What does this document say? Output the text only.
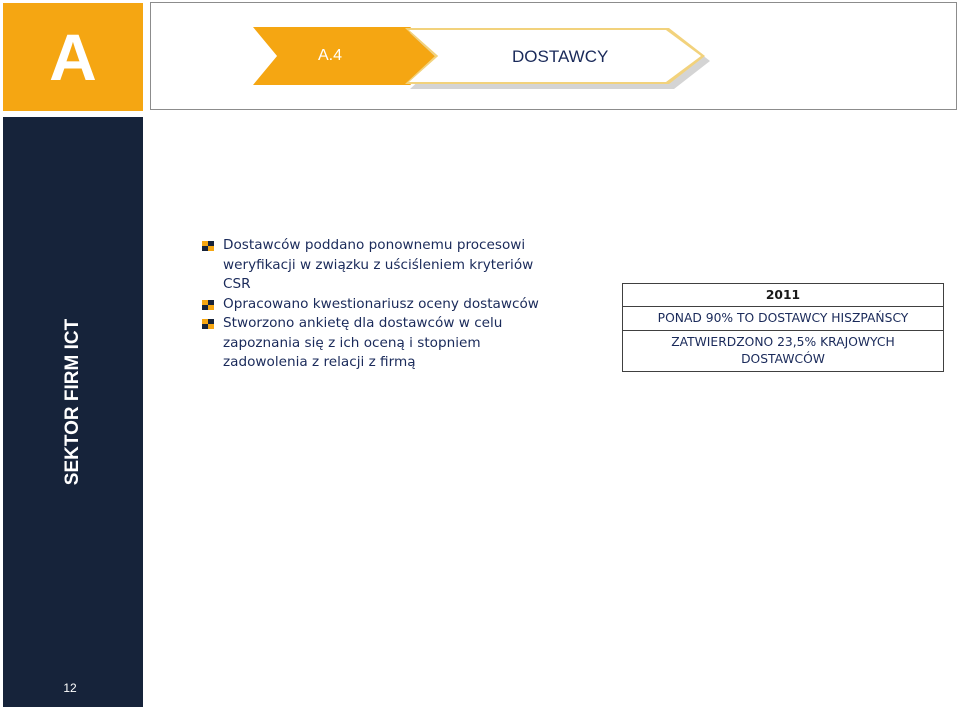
A	A.4	DOSTAWCY
SEKTOR FIRM ICT
12
Dostawców poddano ponownemu procesowi weryfikacji w związku z uściśleniem kryteriów CSR
Opracowano kwestionariusz oceny dostawców
Stworzono ankietę dla dostawców w celu zapoznania się z ich oceną i stopniem zadowolenia z relacji z firmą
2011
PONAD 90% TO DOSTAWCY HISZPAŃSCY
ZATWIERDZONO 23,5% KRAJOWYCH DOSTAWCÓW
